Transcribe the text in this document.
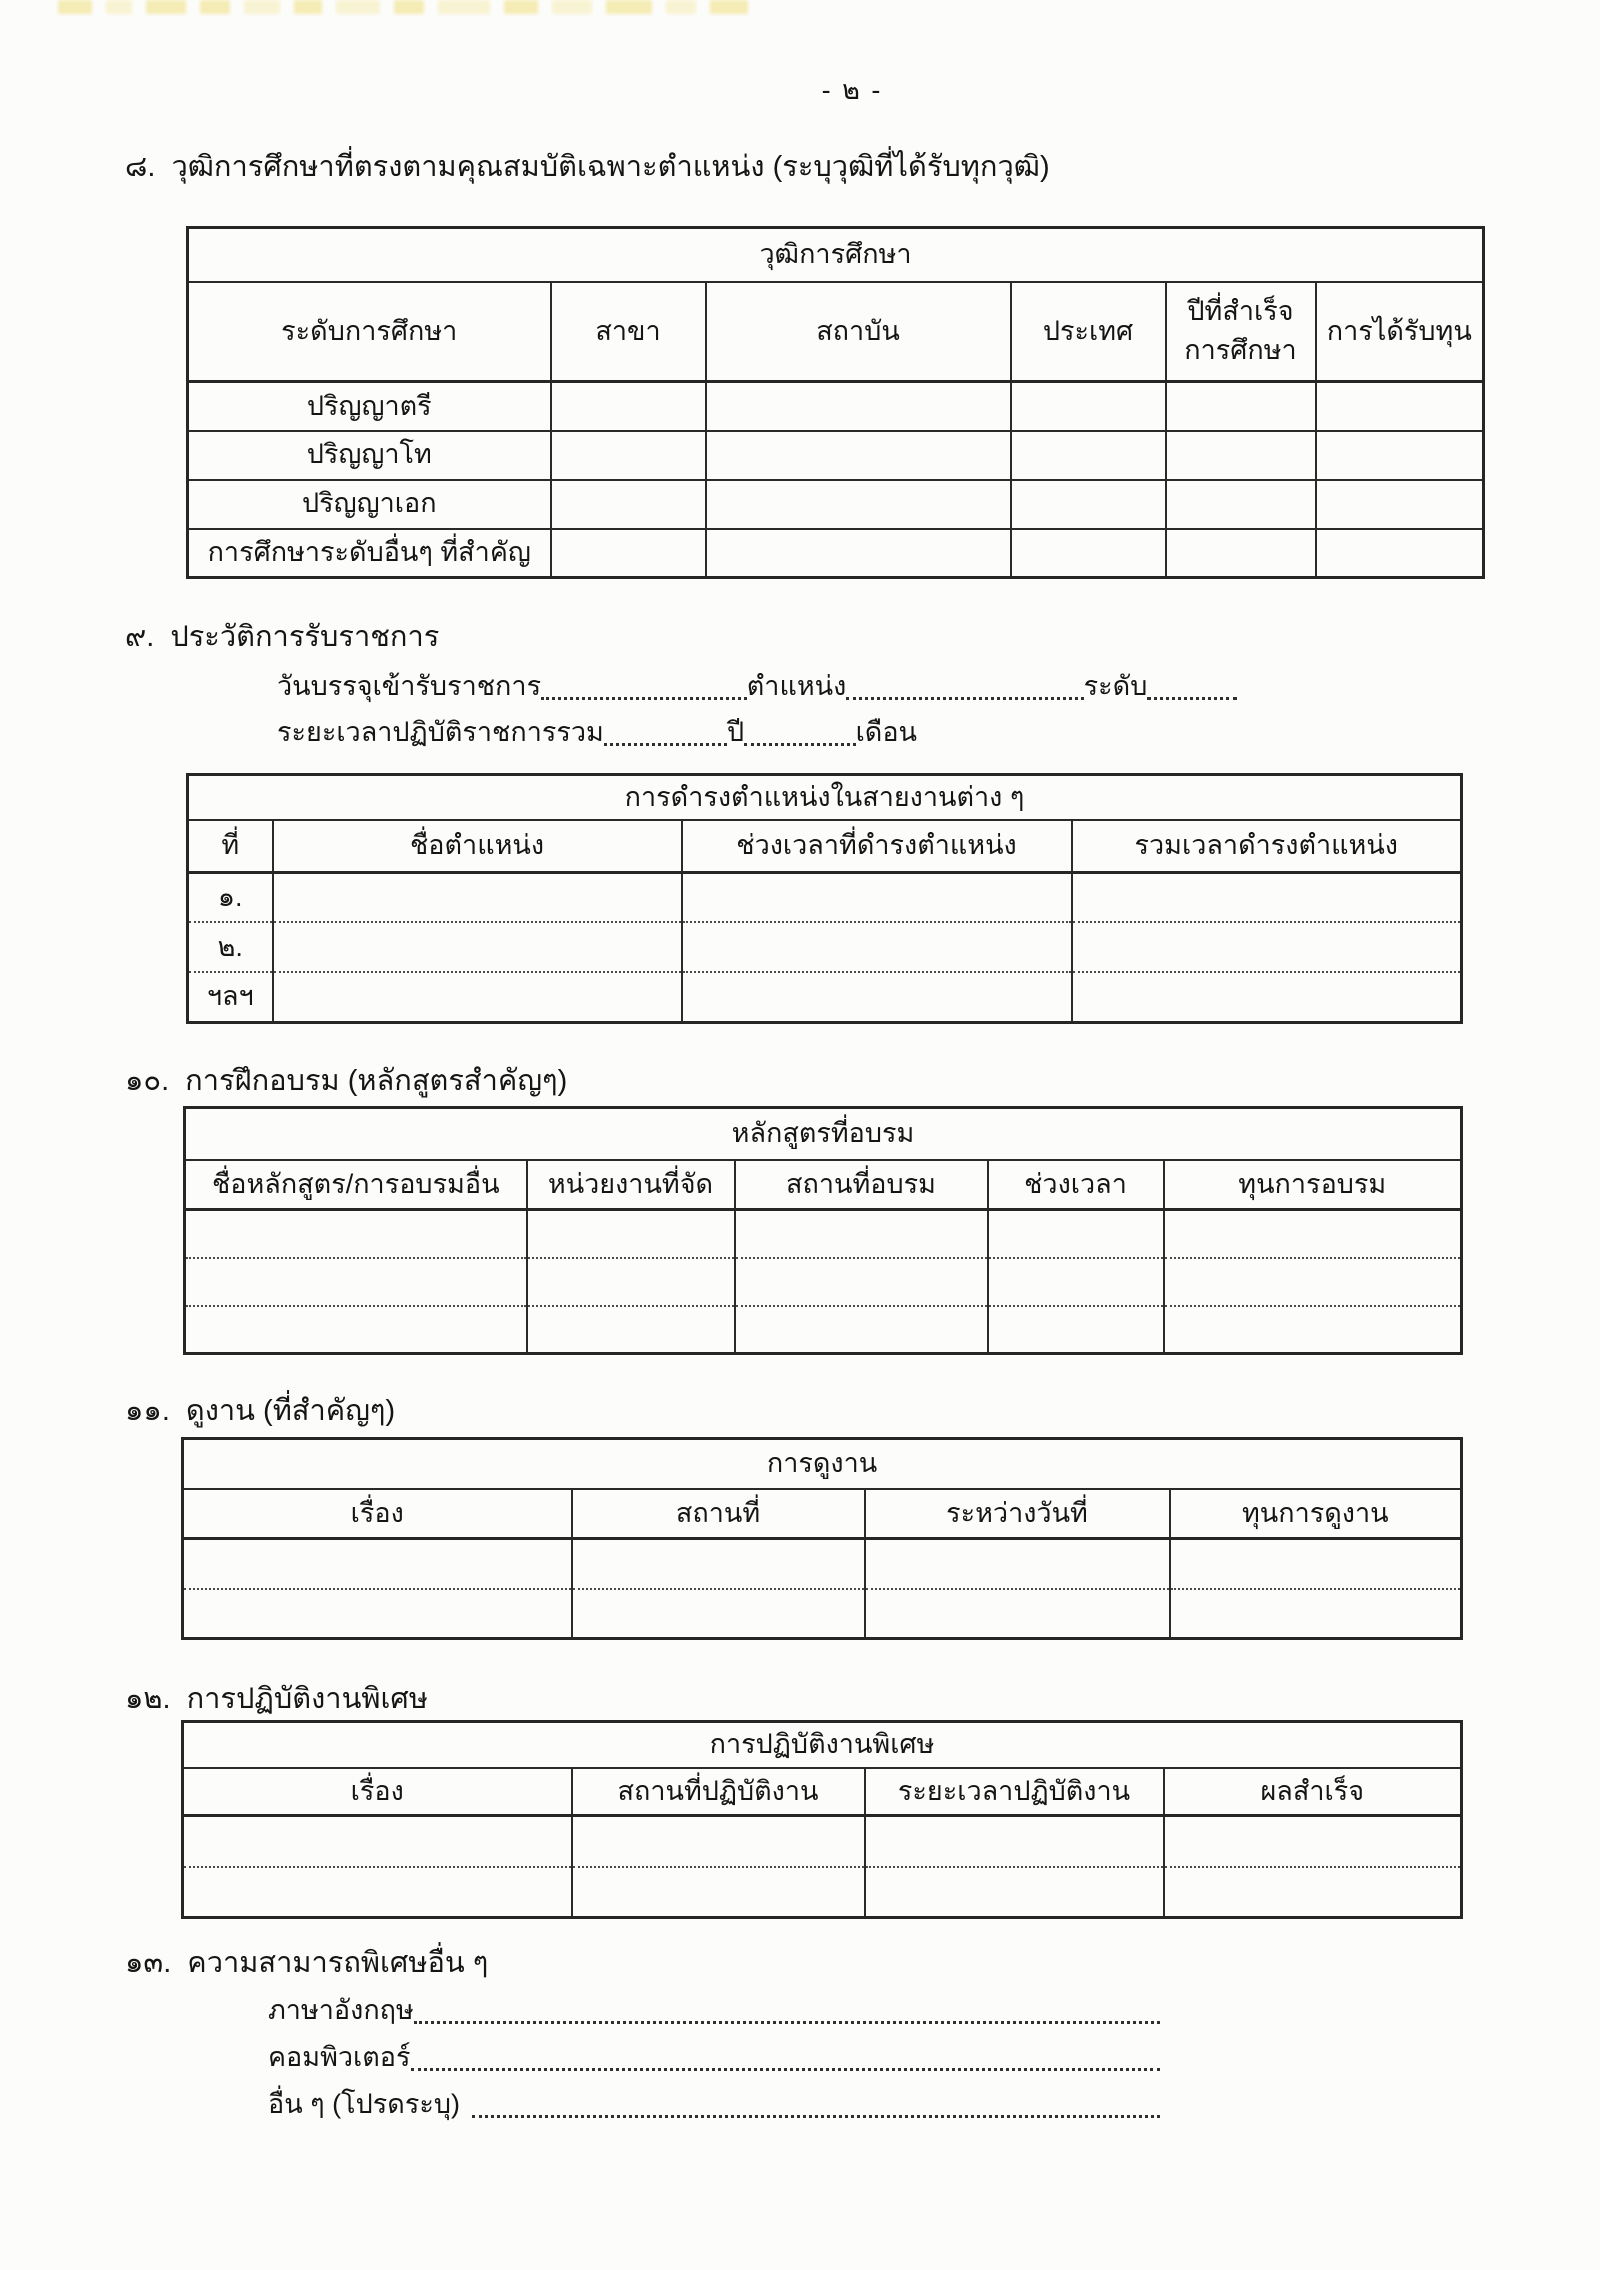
- ๒ -
๘. วุฒิการศึกษาที่ตรงตามคุณสมบัติเฉพาะตำแหน่ง (ระบุวุฒิที่ได้รับทุกวุฒิ)
วุฒิการศึกษา					
ระดับการศึกษา	สาขา	สถาบัน	ประเทศ	ปีที่สำเร็จ การศึกษา	การได้รับทุน
ปริญญาตรี					
ปริญญาโท					
ปริญญาเอก					
การศึกษาระดับอื่นๆ ที่สำคัญ					
๙. ประวัติการรับราชการ
วันบรรจุเข้ารับราชการ	ตำแหน่ง	ระดับ
ระยะเวลาปฏิบัติราชการรวม	ปี	เดือน
การดำรงตำแหน่งในสายงานต่าง ๆ			
ที่	ชื่อตำแหน่ง	ช่วงเวลาที่ดำรงตำแหน่ง	รวมเวลาดำรงตำแหน่ง
๑.			
๒.			
ฯลฯ			
๑๐. การฝึกอบรม (หลักสูตรสำคัญๆ)
หลักสูตรที่อบรม				
ชื่อหลักสูตร/การอบรมอื่น	หน่วยงานที่จัด	สถานที่อบรม	ช่วงเวลา	ทุนการอบรม

๑๑. ดูงาน (ที่สำคัญๆ)
การดูงาน			
เรื่อง	สถานที่	ระหว่างวันที่	ทุนการดูงาน

๑๒. การปฏิบัติงานพิเศษ
การปฏิบัติงานพิเศษ			
เรื่อง	สถานที่ปฏิบัติงาน	ระยะเวลาปฏิบัติงาน	ผลสำเร็จ

๑๓. ความสามารถพิเศษอื่น ๆ
ภาษาอังกฤษ
คอมพิวเตอร์
อื่น ๆ (โปรดระบุ)
